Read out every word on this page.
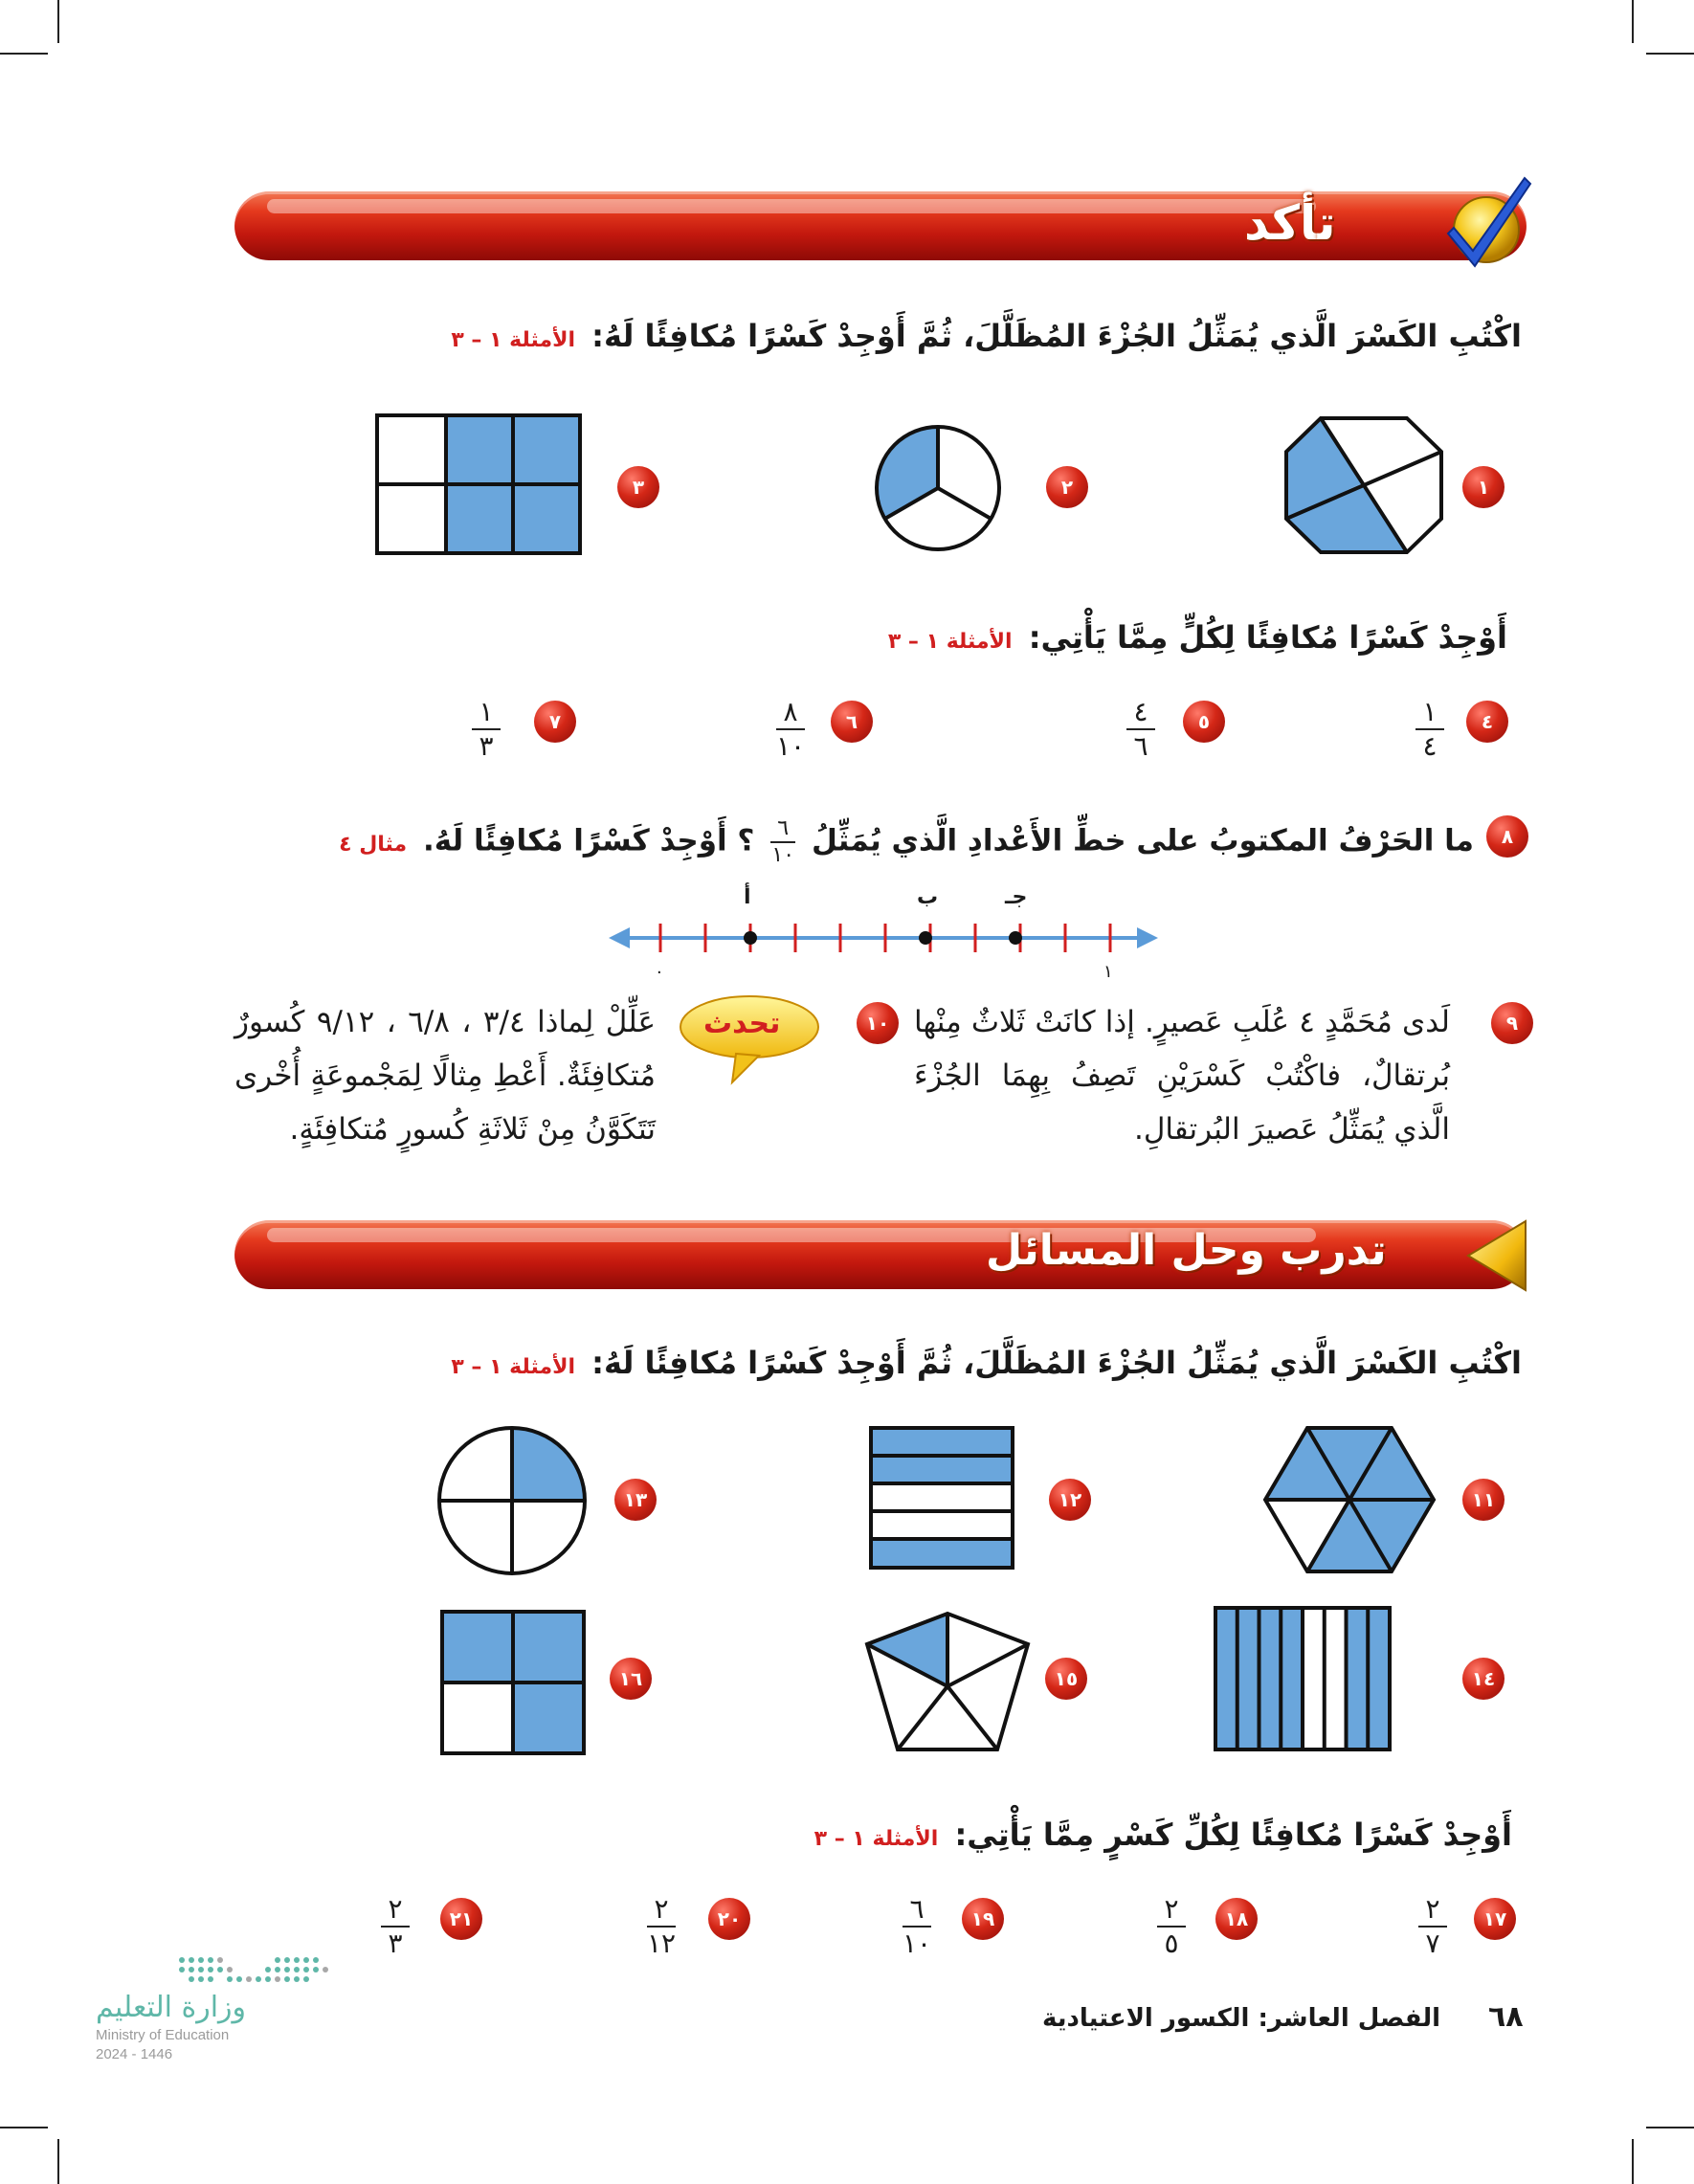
تأكد
اكْتُبِ الكَسْرَ الَّذي يُمَثِّلُ الجُزْءَ المُظَلَّلَ، ثُمَّ أَوْجِدْ كَسْرًا مُكافِئًا لَهُ: الأمثلة ١ – ٣
١
٢
٣
أَوْجِدْ كَسْرًا مُكافِئًا لِكُلٍّ مِمَّا يَأْتِي: الأمثلة ١ – ٣
٤
١
٤
٥
٤
٦
٦
٨
١٠
٧
١
٣
٨
ما الحَرْفُ المكتوبُ على خطِّ الأَعْدادِ الَّذي يُمَثِّلُ
٦
١٠
؟ أَوْجِدْ كَسْرًا مُكافِئًا لَهُ. مثال ٤
أ	ب	جـ
٠	١
٩
لَدى مُحَمَّدٍ ٤ عُلَبِ عَصيرٍ. إذا كانَتْ ثَلاثٌ مِنْها بُرتقالٌ، فاكْتُبْ كَسْرَيْنِ تَصِفُ بِهِمَا الجُزْءَ الَّذي يُمَثِّلُ عَصيرَ البُرتقالِ.
١٠
تحدث
عَلِّلْ لِماذا ٣/٤ ، ٦/٨ ، ٩/١٢ كُسورٌ مُتكافِئَةٌ. أَعْطِ مِثالًا لِمَجْموعَةٍ أُخْرى تَتَكَوَّنُ مِنْ ثَلاثَةِ كُسورٍ مُتكافِئَةٍ.
تدرب وحل المسائل
اكْتُبِ الكَسْرَ الَّذي يُمَثِّلُ الجُزْءَ المُظَلَّلَ، ثُمَّ أَوْجِدْ كَسْرًا مُكافِئًا لَهُ: الأمثلة ١ – ٣
١١
١٢
١٣
١٤
١٥
١٦
أَوْجِدْ كَسْرًا مُكافِئًا لِكُلِّ كَسْرٍ مِمَّا يَأْتِي: الأمثلة ١ – ٣
١٧
٢
٧
١٨
٢
٥
١٩
٦
١٠
٢٠
٢
١٢
٢١
٢
٣
وزارة التعليم
Ministry of Education
2024 - 1446
٦٨
الفصل العاشر: الكسور الاعتيادية
